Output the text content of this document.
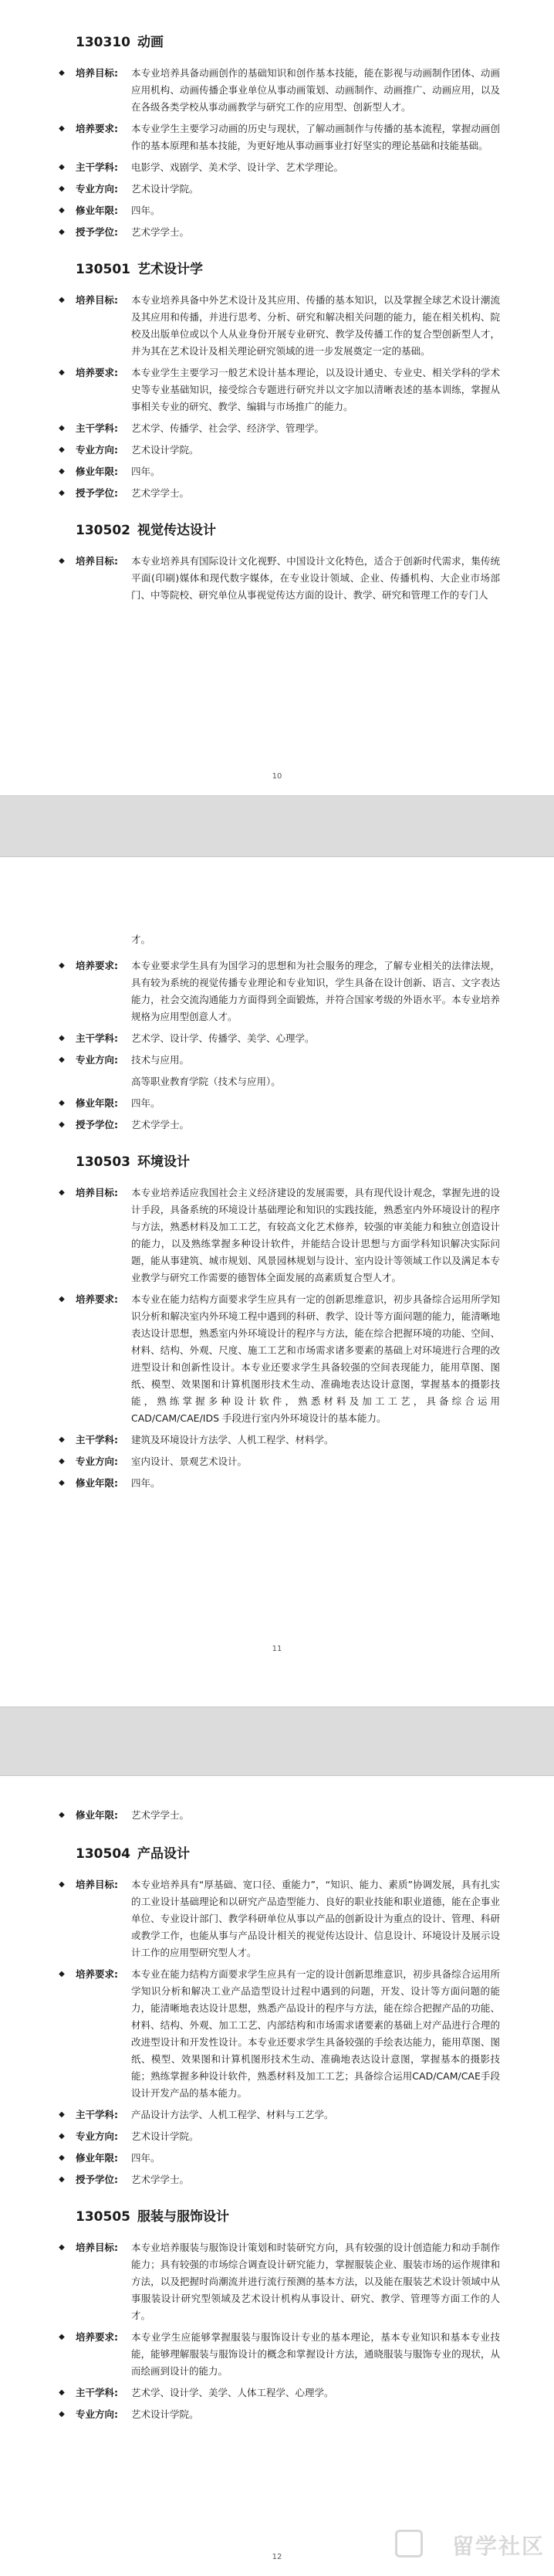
130310 动画
◆ 培养目标:	本专业培养具备动画创作的基础知识和创作基本技能，能在影视与动画制作团体、动画应用机构、动画传播企事业单位从事动画策划、动画制作、动画推广、动画应用，以及在各级各类学校从事动画教学与研究工作的应用型、创新型人才。
◆ 培养要求:	本专业学生主要学习动画的历史与现状，了解动画制作与传播的基本流程，掌握动画创作的基本原理和基本技能，为更好地从事动画事业打好坚实的理论基础和技能基础。
◆ 主干学科:	电影学、戏剧学、美术学、设计学、艺术学理论。
◆ 专业方向:	艺术设计学院。
◆ 修业年限:	四年。
◆ 授予学位:	艺术学学士。
130501 艺术设计学
◆ 培养目标:	本专业培养具备中外艺术设计及其应用、传播的基本知识，以及掌握全球艺术设计潮流及其应用和传播，并进行思考、分析、研究和解决相关问题的能力，能在相关机构、院校及出版单位或以个人从业身份开展专业研究、教学及传播工作的复合型创新型人才，并为其在艺术设计及相关理论研究领域的进一步发展奠定一定的基础。
◆ 培养要求:	本专业学生主要学习一般艺术设计基本理论，以及设计通史、专业史、相关学科的学术史等专业基础知识，接受综合专题进行研究并以文字加以清晰表述的基本训练，掌握从事相关专业的研究、教学、编辑与市场推广的能力。
◆ 主干学科:	艺术学、传播学、社会学、经济学、管理学。
◆ 专业方向:	艺术设计学院。
◆ 修业年限:	四年。
◆ 授予学位:	艺术学学士。
130502 视觉传达设计
◆ 培养目标:	本专业培养具有国际设计文化视野、中国设计文化特色，适合于创新时代需求，集传统平面(印刷)媒体和现代数字媒体，在专业设计领域、企业、传播机构、大企业市场部门、中等院校、研究单位从事视觉传达方面的设计、教学、研究和管理工作的专门人
10
才。
◆ 培养要求:	本专业要求学生具有为国学习的思想和为社会服务的理念，了解专业相关的法律法规，具有较为系统的视觉传播专业理论和专业知识，学生具备在设计创新、语言、文字表达能力，社会交流沟通能力方面得到全面锻炼，并符合国家考级的外语水平。本专业培养规格为应用型创意人才。
◆ 主干学科:	艺术学、设计学、传播学、美学、心理学。
◆ 专业方向:	技术与应用。
高等职业教育学院（技术与应用）。
◆ 修业年限:	四年。
◆ 授予学位:	艺术学学士。
130503 环境设计
◆ 培养目标:	本专业培养适应我国社会主义经济建设的发展需要，具有现代设计观念，掌握先进的设计手段，具备系统的环境设计基础理论和知识的实践技能，熟悉室内外环境设计的程序与方法，熟悉材料及加工工艺，有较高文化艺术修养，较强的审美能力和独立创造设计的能力，以及熟练掌握多种设计软件，并能结合设计思想与方面学科知识解决实际问题，能从事建筑、城市规划、风景园林规划与设计、室内设计等领域工作以及满足本专业教学与研究工作需要的德智体全面发展的高素质复合型人才。
◆ 培养要求:	本专业在能力结构方面要求学生应具有一定的创新思维意识，初步具备综合运用所学知识分析和解决室内外环境工程中遇到的科研、教学、设计等方面问题的能力，能清晰地表达设计思想，熟悉室内外环境设计的程序与方法，能在综合把握环境的功能、空间、材料、结构、外观、尺度、施工工艺和市场需求诸多要素的基础上对环境进行合理的改进型设计和创新性设计。本专业还要求学生具备较强的空间表现能力，能用草图、图纸、模型、效果图和计算机图形技术生动、准确地表达设计意图，掌握基本的摄影技能，熟练掌握多种设计软件，熟悉材料及加工工艺，具备综合运用 CAD/CAM/CAE/IDS 手段进行室内外环境设计的基本能力。
◆ 主干学科:	建筑及环境设计方法学、人机工程学、材料学。
◆ 专业方向:	室内设计、景观艺术设计。
◆ 修业年限:	四年。
11
◆ 修业年限:	艺术学学士。
130504 产品设计
◆ 培养目标:	本专业培养具有“厚基础、宽口径、重能力”，“知识、能力、素质”协调发展，具有扎实的工业设计基础理论和以研究产品造型能力、良好的职业技能和职业道德，能在企事业单位、专业设计部门、教学科研单位从事以产品的创新设计为重点的设计、管理、科研或教学工作，也能从事与产品设计相关的视觉传达设计、信息设计、环境设计及展示设计工作的应用型研究型人才。
◆ 培养要求:	本专业在能力结构方面要求学生应具有一定的设计创新思维意识，初步具备综合运用所学知识分析和解决工业产品造型设计过程中遇到的问题，开发、设计等方面问题的能力，能清晰地表达设计思想，熟悉产品设计的程序与方法，能在综合把握产品的功能、材料、结构、外观、加工工艺、内部结构和市场需求诸要素的基础上对产品进行合理的改进型设计和开发性设计。本专业还要求学生具备较强的手绘表达能力，能用草图、图纸、模型、效果图和计算机图形技术生动、准确地表达设计意图，掌握基本的摄影技能；熟练掌握多种设计软件，熟悉材料及加工工艺；具备综合运用CAD/CAM/CAE手段设计开发产品的基本能力。
◆ 主干学科:	产品设计方法学、人机工程学、材料与工艺学。
◆ 专业方向:	艺术设计学院。
◆ 修业年限:	四年。
◆ 授予学位:	艺术学学士。
130505 服装与服饰设计
◆ 培养目标:	本专业培养服装与服饰设计策划和时装研究方向，具有较强的设计创造能力和动手制作能力；具有较强的市场综合调查设计研究能力，掌握服装企业、服装市场的运作规律和方法，以及把握时尚潮流并进行流行预测的基本方法，以及能在服装艺术设计领域中从事服装设计研究型领域及艺术设计机构从事设计、研究、教学、管理等方面工作的人才。
◆ 培养要求:	本专业学生应能够掌握服装与服饰设计专业的基本理论，基本专业知识和基本专业技能，能够理解服装与服饰设计的概念和掌握设计方法，通晓服装与服饰专业的现状，从而绘画到设计的能力。
◆ 主干学科:	艺术学、设计学、美学、人体工程学、心理学。
◆ 专业方向:	艺术设计学院。
12	留学社区
